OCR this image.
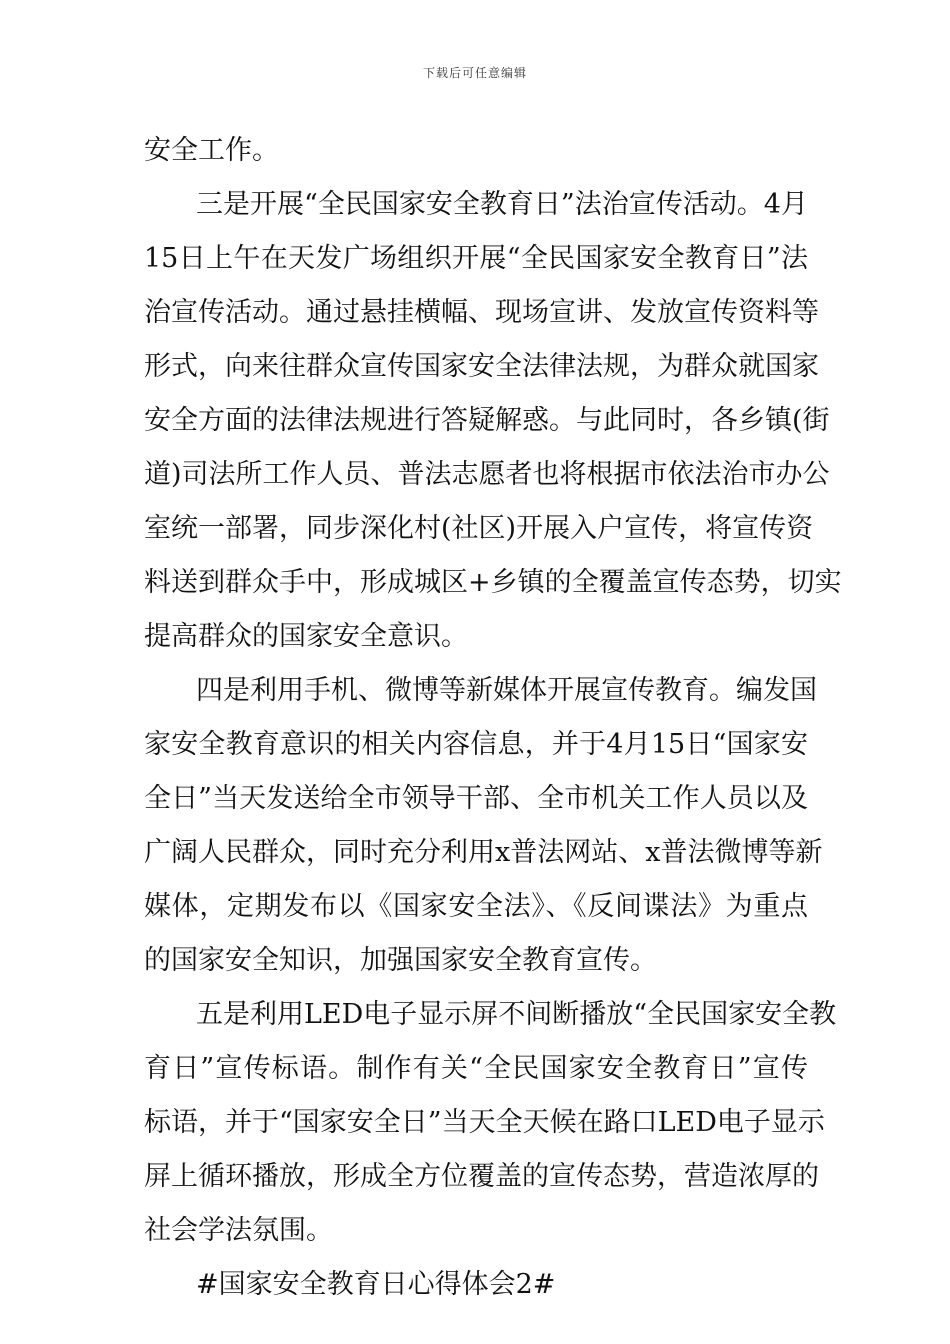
下载后可任意编辑
安全工作。
三是开展“全民国家安全教育日”法治宣传活动。4月
15日上午在天发广场组织开展“全民国家安全教育日”法
治宣传活动。通过悬挂横幅、现场宣讲、发放宣传资料等
形式，向来往群众宣传国家安全法律法规，为群众就国家
安全方面的法律法规进行答疑解惑。与此同时，各乡镇(街
道)司法所工作人员、普法志愿者也将根据市依法治市办公
室统一部署，同步深化村(社区)开展入户宣传，将宣传资
料送到群众手中，形成城区+乡镇的全覆盖宣传态势，切实
提高群众的国家安全意识。
四是利用手机、微博等新媒体开展宣传教育。编发国
家安全教育意识的相关内容信息，并于4月15日“国家安
全日”当天发送给全市领导干部、全市机关工作人员以及
广阔人民群众，同时充分利用x普法网站、x普法微博等新
媒体，定期发布以《国家安全法》、《反间谍法》为重点
的国家安全知识，加强国家安全教育宣传。
五是利用LED电子显示屏不间断播放“全民国家安全教
育日”宣传标语。制作有关“全民国家安全教育日”宣传
标语，并于“国家安全日”当天全天候在路口LED电子显示
屏上循环播放，形成全方位覆盖的宣传态势，营造浓厚的
社会学法氛围。
#国家安全教育日心得体会2#
